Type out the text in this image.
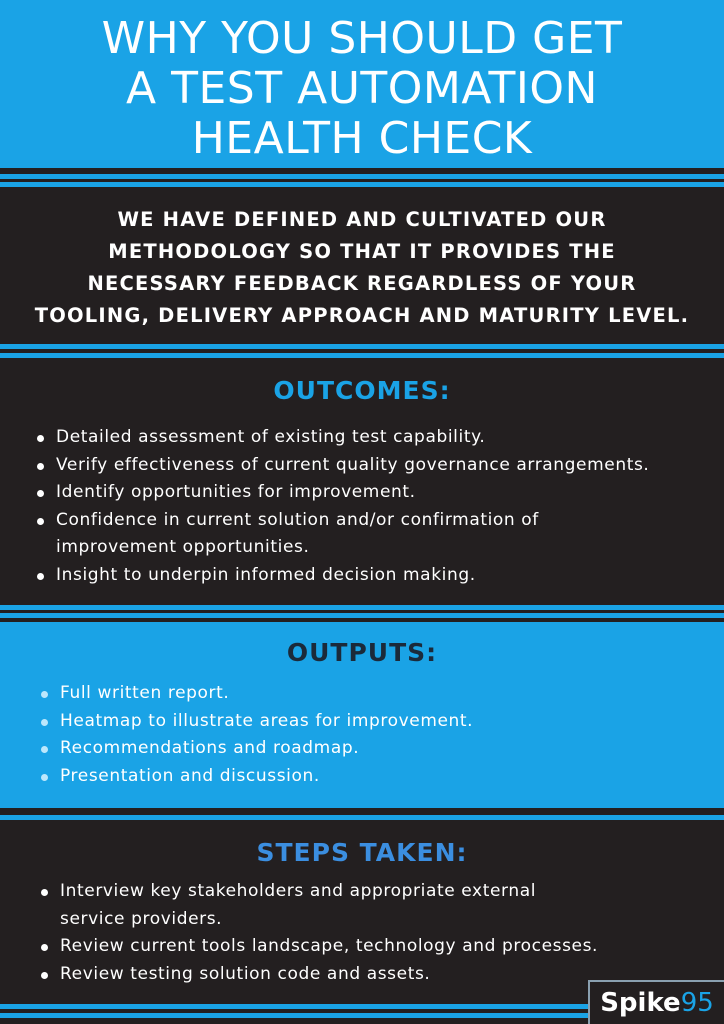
WHY YOU SHOULD GET
A TEST AUTOMATION
HEALTH CHECK

WE HAVE DEFINED AND CULTIVATED OUR
METHODOLOGY SO THAT IT PROVIDES THE
NECESSARY FEEDBACK REGARDLESS OF YOUR
TOOLING, DELIVERY APPROACH AND MATURITY LEVEL.

OUTCOMES:
Detailed assessment of existing test capability.
Verify effectiveness of current quality governance arrangements.
Identify opportunities for improvement.
Confidence in current solution and/or confirmation of improvement opportunities.
Insight to underpin informed decision making.
OUTPUTS:
Full written report.
Heatmap to illustrate areas for improvement.
Recommendations and roadmap.
Presentation and discussion.
STEPS TAKEN:
Interview key stakeholders and appropriate external service providers.
Review current tools landscape, technology and processes.
Review testing solution code and assets.
Spike 95
